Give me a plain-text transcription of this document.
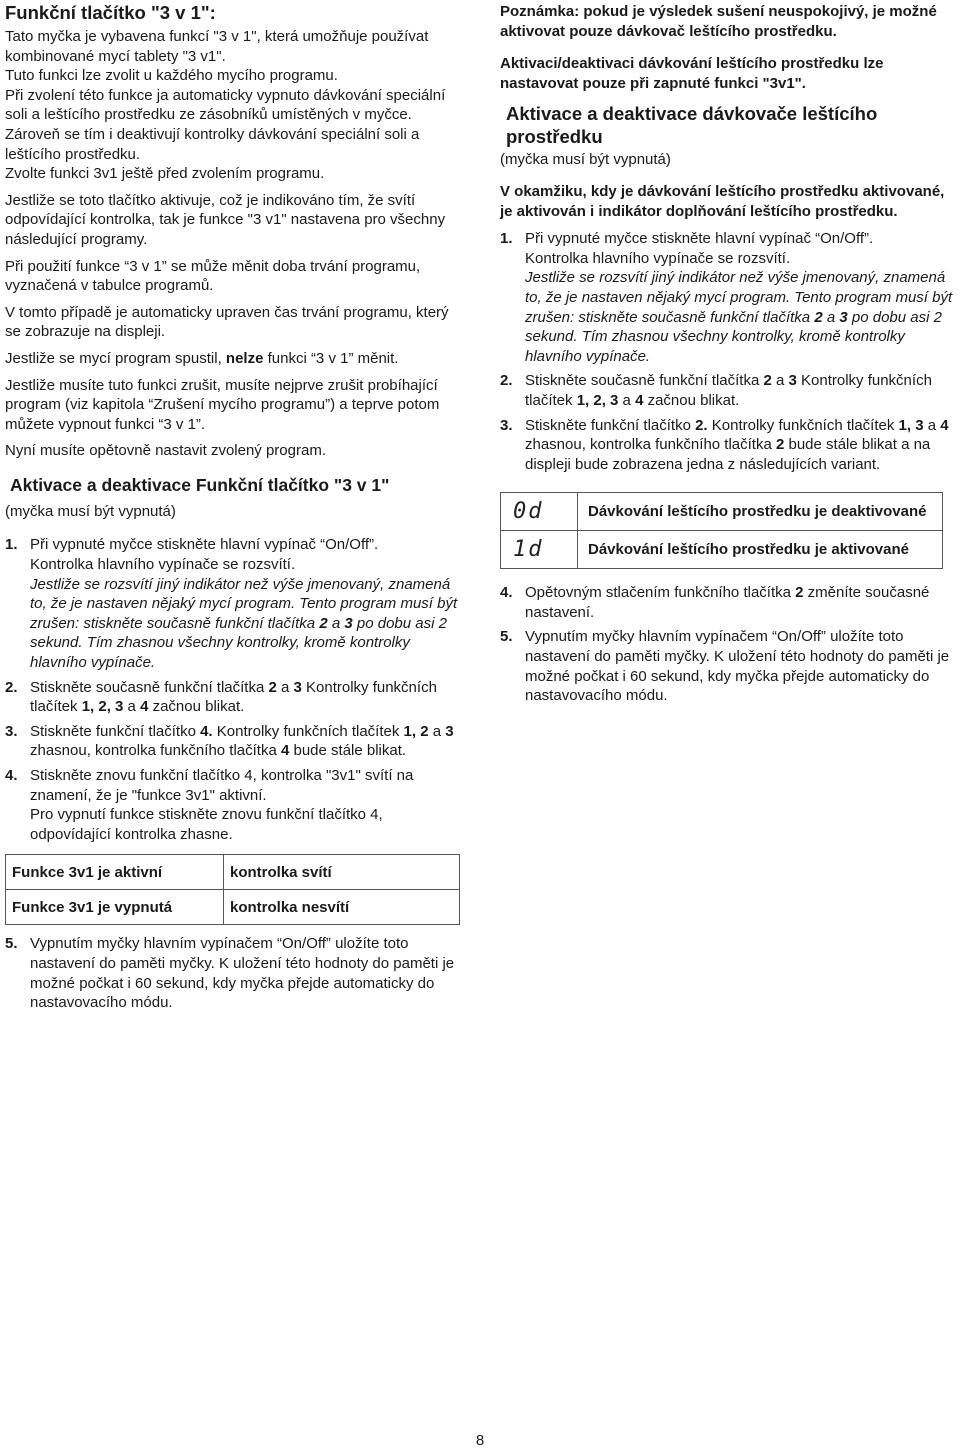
Funkční tlačítko "3 v 1":

Tato myčka je vybavena funkcí "3 v 1", která umožňuje používat kombinované mycí tablety "3 v1".
Tuto funkci lze zvolit u každého mycího programu.
Při zvolení této funkce ja automaticky vypnuto dávkování speciální soli a leštícího prostředku ze zásobníků umístěných v myčce. Zároveň se tím i deaktivují kontrolky dávkování speciální soli a leštícího prostředku.
Zvolte funkci 3v1 ještě před zvolením programu.

Jestliže se toto tlačítko aktivuje, což je indikováno tím, že svítí odpovídající kontrolka, tak je funkce "3 v1" nastavena pro všechny následující programy.

Při použití funkce “3 v 1” se může měnit doba trvání programu, vyznačená v tabulce programů.

V tomto případě je automaticky upraven čas trvání programu, který se zobrazuje na displeji.

Jestliže se mycí program spustil, nelze funkci “3 v 1” měnit.

Jestliže musíte tuto funkci zrušit, musíte nejprve zrušit probíhající program (viz kapitola “Zrušení mycího programu”) a teprve potom můžete vypnout funkci “3 v 1”.

Nyní musíte opětovně nastavit zvolený program.

Aktivace a deaktivace Funkční tlačítko "3 v 1"

(myčka musí být vypnutá)

1. Při vypnuté myčce stiskněte hlavní vypínač “On/Off”.
Kontrolka hlavního vypínače se rozsvítí.
Jestliže se rozsvítí jiný indikátor než výše jmenovaný, znamená to, že je nastaven nějaký mycí program. Tento program musí být zrušen: stiskněte současně funkční tlačítka 2 a 3 po dobu asi 2 sekund. Tím zhasnou všechny kontrolky, kromě kontrolky hlavního vypínače.
2. Stiskněte současně funkční tlačítka 2 a 3 Kontrolky funkčních tlačítek 1, 2, 3 a 4 začnou blikat.
3. Stiskněte funkční tlačítko 4. Kontrolky funkčních tlačítek 1, 2 a 3 zhasnou, kontrolka funkčního tlačítka 4 bude stále blikat.
4. Stiskněte znovu funkční tlačítko 4, kontrolka "3v1" svítí na znamení, že je "funkce 3v1" aktivní.
Pro vypnutí funkce stiskněte znovu funkční tlačítko 4, odpovídající kontrolka zhasne.
Funkce 3v1 je aktivní	kontrolka svítí
Funkce 3v1 je vypnutá	kontrolka nesvítí
5. Vypnutím myčky hlavním vypínačem “On/Off” uložíte toto nastavení do paměti myčky. K uložení této hodnoty do paměti je možné počkat i 60 sekund, kdy myčka přejde automaticky do nastavovacího módu.

Poznámka: pokud je výsledek sušení neuspokojivý, je možné aktivovat pouze dávkovač leštícího prostředku.

Aktivaci/deaktivaci dávkování leštícího prostředku lze nastavovat pouze při zapnuté funkci "3v1".

Aktivace a deaktivace dávkovače leštícího prostředku

(myčka musí být vypnutá)

V okamžiku, kdy je dávkování leštícího prostředku aktivované, je aktivován i indikátor doplňování leštícího prostředku.

1. Při vypnuté myčce stiskněte hlavní vypínač “On/Off”.
Kontrolka hlavního vypínače se rozsvítí.
Jestliže se rozsvítí jiný indikátor než výše jmenovaný, znamená to, že je nastaven nějaký mycí program. Tento program musí být zrušen: stiskněte současně funkční tlačítka 2 a 3 po dobu asi 2 sekund. Tím zhasnou všechny kontrolky, kromě kontrolky hlavního vypínače.
2. Stiskněte současně funkční tlačítka 2 a 3 Kontrolky funkčních tlačítek 1, 2, 3 a 4 začnou blikat.
3. Stiskněte funkční tlačítko 2. Kontrolky funkčních tlačítek 1, 3 a 4 zhasnou, kontrolka funkčního tlačítka 2 bude stále blikat a na displeji bude zobrazena jedna z následujících variant.
0d	Dávkování leštícího prostředku je deaktivované
1d	Dávkování leštícího prostředku je aktivované
4. Opětovným stlačením funkčního tlačítka 2 změníte současné nastavení.
5. Vypnutím myčky hlavním vypínačem “On/Off” uložíte toto nastavení do paměti myčky. K uložení této hodnoty do paměti je možné počkat i 60 sekund, kdy myčka přejde automaticky do nastavovacího módu.
8
